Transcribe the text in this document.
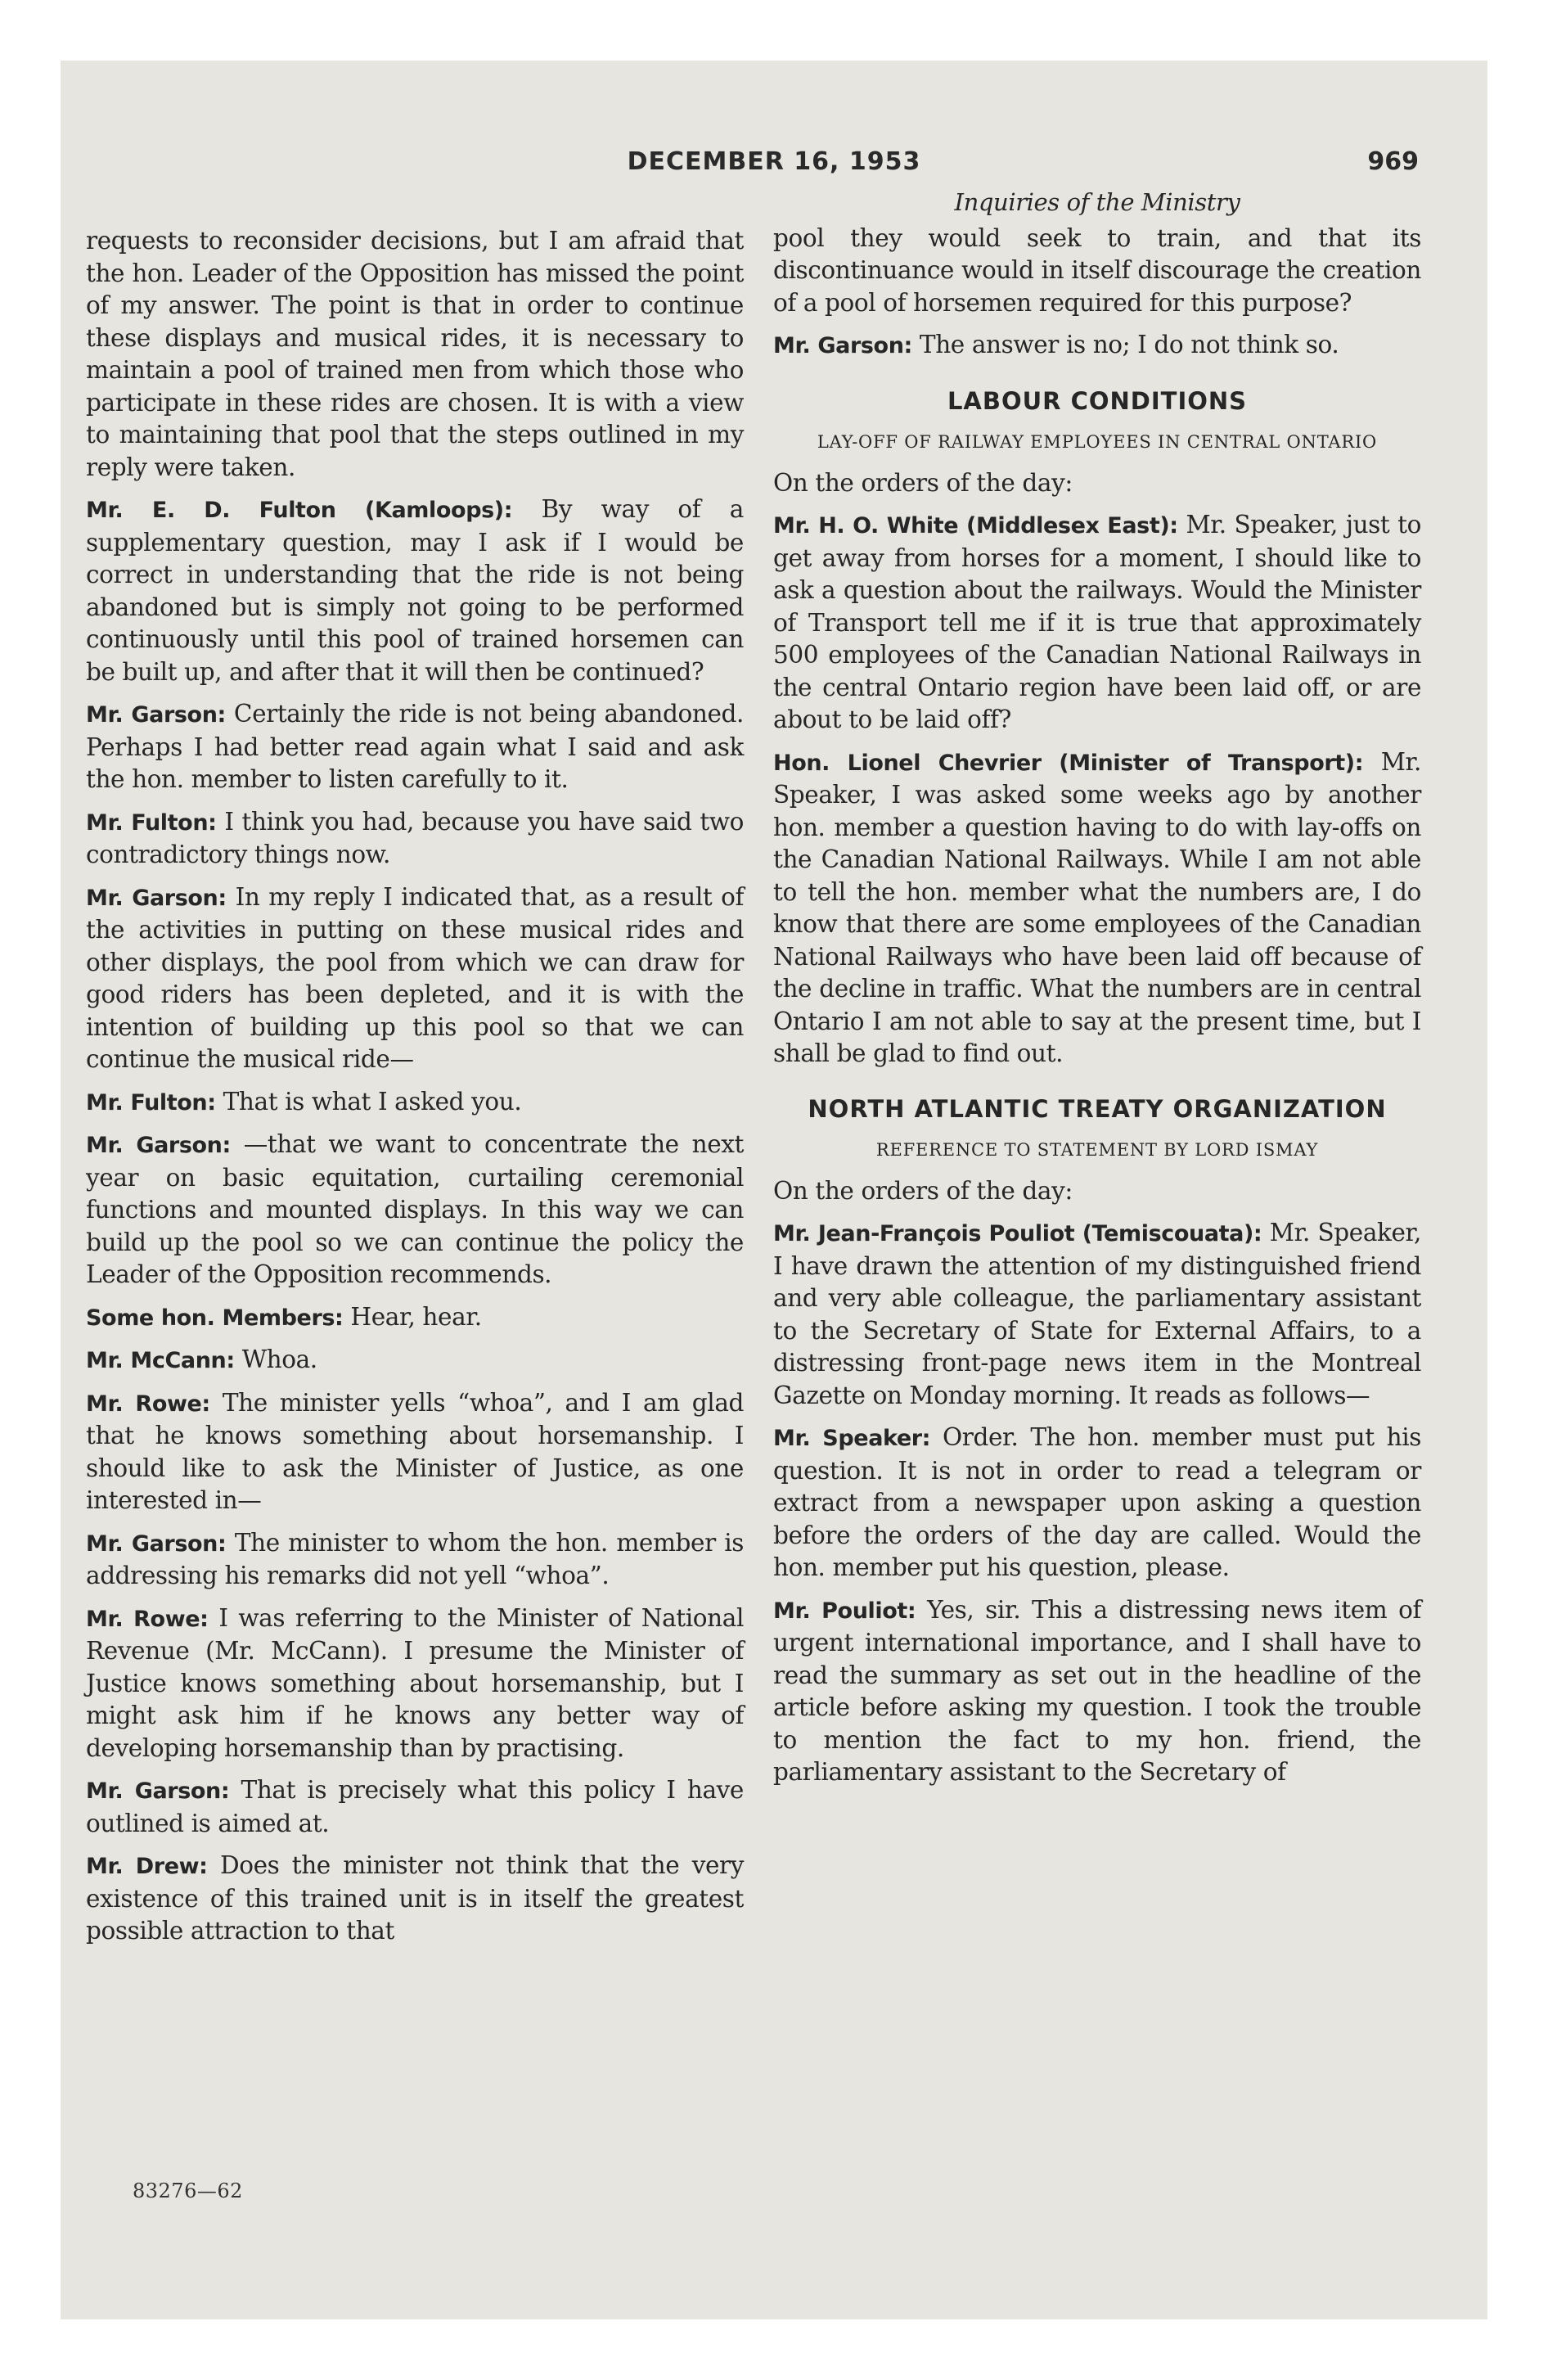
DECEMBER 16, 1953	969

requests to reconsider decisions, but I am afraid that the hon. Leader of the Opposition has missed the point of my answer. The point is that in order to continue these displays and musical rides, it is necessary to maintain a pool of trained men from which those who participate in these rides are chosen. It is with a view to maintaining that pool that the steps outlined in my reply were taken.

Mr. E. D. Fulton (Kamloops): By way of a supplementary question, may I ask if I would be correct in understanding that the ride is not being abandoned but is simply not going to be performed continuously until this pool of trained horsemen can be built up, and after that it will then be continued?

Mr. Garson: Certainly the ride is not being abandoned. Perhaps I had better read again what I said and ask the hon. member to listen carefully to it.

Mr. Fulton: I think you had, because you have said two contradictory things now.

Mr. Garson: In my reply I indicated that, as a result of the activities in putting on these musical rides and other displays, the pool from which we can draw for good riders has been depleted, and it is with the intention of building up this pool so that we can continue the musical ride—

Mr. Fulton: That is what I asked you.

Mr. Garson: —that we want to concentrate the next year on basic equitation, curtailing ceremonial functions and mounted displays. In this way we can build up the pool so we can continue the policy the Leader of the Opposition recommends.

Some hon. Members: Hear, hear.

Mr. McCann: Whoa.

Mr. Rowe: The minister yells “whoa”, and I am glad that he knows something about horsemanship. I should like to ask the Minister of Justice, as one interested in—

Mr. Garson: The minister to whom the hon. member is addressing his remarks did not yell “whoa”.

Mr. Rowe: I was referring to the Minister of National Revenue (Mr. McCann). I presume the Minister of Justice knows something about horsemanship, but I might ask him if he knows any better way of developing horsemanship than by practising.

Mr. Garson: That is precisely what this policy I have outlined is aimed at.

Mr. Drew: Does the minister not think that the very existence of this trained unit is in itself the greatest possible attraction to that

Inquiries of the Ministry

pool they would seek to train, and that its discontinuance would in itself discourage the creation of a pool of horsemen required for this purpose?

Mr. Garson: The answer is no; I do not think so.

LABOUR CONDITIONS
LAY-OFF OF RAILWAY EMPLOYEES IN CENTRAL ONTARIO

On the orders of the day:

Mr. H. O. White (Middlesex East): Mr. Speaker, just to get away from horses for a moment, I should like to ask a question about the railways. Would the Minister of Transport tell me if it is true that approximately 500 employees of the Canadian National Railways in the central Ontario region have been laid off, or are about to be laid off?

Hon. Lionel Chevrier (Minister of Transport): Mr. Speaker, I was asked some weeks ago by another hon. member a question having to do with lay-offs on the Canadian National Railways. While I am not able to tell the hon. member what the numbers are, I do know that there are some employees of the Canadian National Railways who have been laid off because of the decline in traffic. What the numbers are in central Ontario I am not able to say at the present time, but I shall be glad to find out.

NORTH ATLANTIC TREATY ORGANIZATION
REFERENCE TO STATEMENT BY LORD ISMAY

On the orders of the day:

Mr. Jean-François Pouliot (Temiscouata): Mr. Speaker, I have drawn the attention of my distinguished friend and very able colleague, the parliamentary assistant to the Secretary of State for External Affairs, to a distressing front-page news item in the Montreal Gazette on Monday morning. It reads as follows—

Mr. Speaker: Order. The hon. member must put his question. It is not in order to read a telegram or extract from a newspaper upon asking a question before the orders of the day are called. Would the hon. member put his question, please.

Mr. Pouliot: Yes, sir. This a distressing news item of urgent international importance, and I shall have to read the summary as set out in the headline of the article before asking my question. I took the trouble to mention the fact to my hon. friend, the parliamentary assistant to the Secretary of

83276—62
